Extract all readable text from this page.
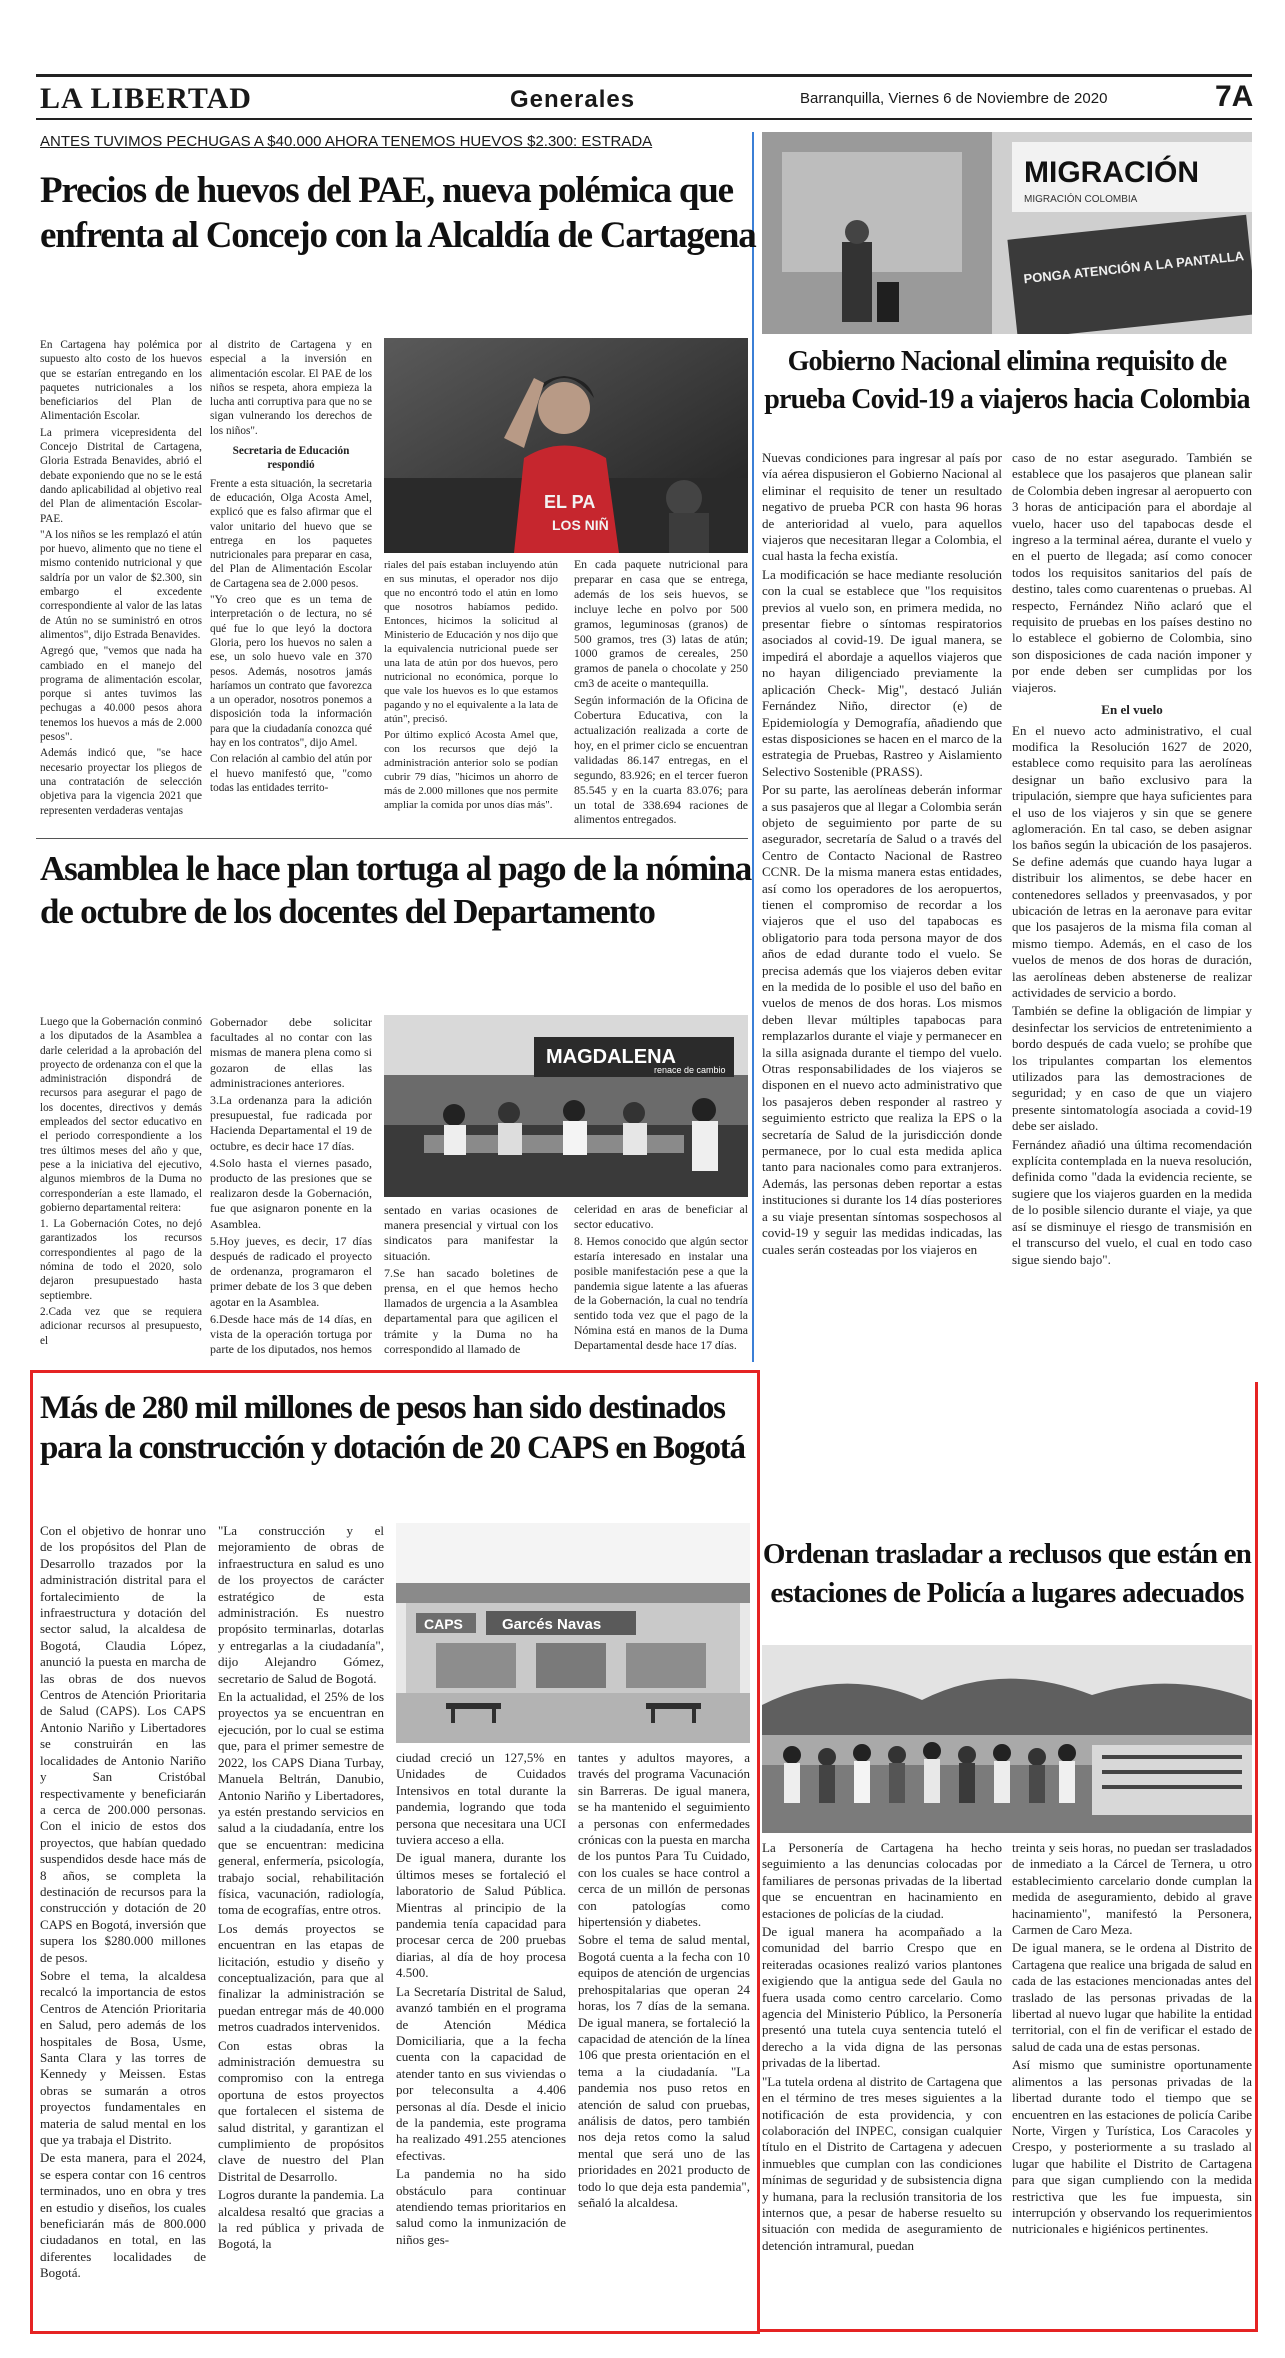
LA LIBERTAD	Generales	Barranquilla, Viernes 6 de Noviembre de 2020	7A
ANTES TUVIMOS PECHUGAS A $40.000 AHORA TENEMOS HUEVOS $2.300: ESTRADA
Precios de huevos del PAE, nueva polémica que enfrenta al Concejo con la Alcaldía de Cartagena

En Cartagena hay polémica por supuesto alto costo de los huevos que se estarían entregando en los paquetes nutricionales a los beneficiarios del Plan de Alimentación Escolar.

La primera vicepresidenta del Concejo Distrital de Cartagena, Gloria Estrada Benavides, abrió el debate exponiendo que no se le está dando aplicabilidad al objetivo real del Plan de alimentación Escolar- PAE.

"A los niños se les remplazó el atún por huevo, alimento que no tiene el mismo contenido nutricional y que saldría por un valor de $2.300, sin embargo el excedente correspondiente al valor de las latas de Atún no se suministró en otros alimentos", dijo Estrada Benavides.

Agregó que, "vemos que nada ha cambiado en el manejo del programa de alimentación escolar, porque si antes tuvimos las pechugas a 40.000 pesos ahora tenemos los huevos a más de 2.000 pesos".

Además indicó que, "se hace necesario proyectar los pliegos de una contratación de selección objetiva para la vigencia 2021 que representen verdaderas ventajas

al distrito de Cartagena y en especial a la inversión en alimentación escolar. El PAE de los niños se respeta, ahora empieza la lucha anti corruptiva para que no se sigan vulnerando los derechos de los niños".

Secretaria de Educación respondió

Frente a esta situación, la secretaria de educación, Olga Acosta Amel, explicó que es falso afirmar que el valor unitario del huevo que se entrega en los paquetes nutricionales para preparar en casa, del Plan de Alimentación Escolar de Cartagena sea de 2.000 pesos.

"Yo creo que es un tema de interpretación o de lectura, no sé qué fue lo que leyó la doctora Gloria, pero los huevos no salen a ese, un solo huevo vale en 370 pesos. Además, nosotros jamás haríamos un contrato que favorezca a un operador, nosotros ponemos a disposición toda la información para que la ciudadanía conozca qué hay en los contratos", dijo Amel.

Con relación al cambio del atún por el huevo manifestó que, "como todas las entidades territo-

EL PA
LOS NIÑ

riales del país estaban incluyendo atún en sus minutas, el operador nos dijo que no encontró todo el atún en lomo que nosotros habíamos pedido. Entonces, hicimos la solicitud al Ministerio de Educación y nos dijo que la equivalencia nutricional puede ser una lata de atún por dos huevos, pero nutricional no económica, porque lo que vale los huevos es lo que estamos pagando y no el equivalente a la lata de atún", precisó.

Por último explicó Acosta Amel que, con los recursos que dejó la administración anterior solo se podían cubrir 79 días, "hicimos un ahorro de más de 2.000 millones que nos permite ampliar la comida por unos días más".

En cada paquete nutricional para preparar en casa que se entrega, además de los seis huevos, se incluye leche en polvo por 500 gramos, leguminosas (granos) de 500 gramos, tres (3) latas de atún; 1000 gramos de cereales, 250 gramos de panela o chocolate y 250 cm3 de aceite o mantequilla.

Según información de la Oficina de Cobertura Educativa, con la actualización realizada a corte de hoy, en el primer ciclo se encuentran validadas 86.147 entregas, en el segundo, 83.926; en el tercer fueron 85.545 y en la cuarta 83.076; para un total de 338.694 raciones de alimentos entregados.

Asamblea le hace plan tortuga al pago de la nómina de octubre de los docentes del Departamento

Luego que la Gobernación conminó a los diputados de la Asamblea a darle celeridad a la aprobación del proyecto de ordenanza con el que la administración dispondrá de recursos para asegurar el pago de los docentes, directivos y demás empleados del sector educativo en el periodo correspondiente a los tres últimos meses del año y que, pese a la iniciativa del ejecutivo, algunos miembros de la Duma no corresponderían a este llamado, el gobierno departamental reitera:

1. La Gobernación Cotes, no dejó garantizados los recursos correspondientes al pago de la nómina de todo el 2020, solo dejaron presupuestado hasta septiembre.

2.Cada vez que se requiera adicionar recursos al presupuesto, el

Gobernador debe solicitar facultades al no contar con las mismas de manera plena como si gozaron de ellas las administraciones anteriores.

3.La ordenanza para la adición presupuestal, fue radicada por Hacienda Departamental el 19 de octubre, es decir hace 17 días.

4.Solo hasta el viernes pasado, producto de las presiones que se realizaron desde la Gobernación, fue que asignaron ponente en la Asamblea.

5.Hoy jueves, es decir, 17 días después de radicado el proyecto de ordenanza, programaron el primer debate de los 3 que deben agotar en la Asamblea.

6.Desde hace más de 14 días, en vista de la operación tortuga por parte de los diputados, nos hemos

MAGDALENA
renace de cambio

sentado en varias ocasiones de manera presencial y virtual con los sindicatos para manifestar la situación.

7.Se han sacado boletines de prensa, en el que hemos hecho llamados de urgencia a la Asamblea departamental para que agilicen el trámite y la Duma no ha correspondido al llamado de

celeridad en aras de beneficiar al sector educativo.

8. Hemos conocido que algún sector estaría interesado en instalar una posible manifestación pese a que la pandemia sigue latente a las afueras de la Gobernación, la cual no tendría sentido toda vez que el pago de la Nómina está en manos de la Duma Departamental desde hace 17 días.

Más de 280 mil millones de pesos han sido destinados para la construcción y dotación de 20 CAPS en Bogotá

Con el objetivo de honrar uno de los propósitos del Plan de Desarrollo trazados por la administración distrital para el fortalecimiento de la infraestructura y dotación del sector salud, la alcaldesa de Bogotá, Claudia López, anunció la puesta en marcha de las obras de dos nuevos Centros de Atención Prioritaria de Salud (CAPS). Los CAPS Antonio Nariño y Libertadores se construirán en las localidades de Antonio Nariño y San Cristóbal respectivamente y beneficiarán a cerca de 200.000 personas. Con el inicio de estos dos proyectos, que habían quedado suspendidos desde hace más de 8 años, se completa la destinación de recursos para la construcción y dotación de 20 CAPS en Bogotá, inversión que supera los $280.000 millones de pesos.

Sobre el tema, la alcaldesa recalcó la importancia de estos Centros de Atención Prioritaria en Salud, pero además de los hospitales de Bosa, Usme, Santa Clara y las torres de Kennedy y Meissen. Estas obras se sumarán a otros proyectos fundamentales en materia de salud mental en los que ya trabaja el Distrito.

De esta manera, para el 2024, se espera contar con 16 centros terminados, uno en obra y tres en estudio y diseños, los cuales beneficiarán más de 800.000 ciudadanos en total, en las diferentes localidades de Bogotá.

"La construcción y el mejoramiento de obras de infraestructura en salud es uno de los proyectos de carácter estratégico de esta administración. Es nuestro propósito terminarlas, dotarlas y entregarlas a la ciudadanía", dijo Alejandro Gómez, secretario de Salud de Bogotá.

En la actualidad, el 25% de los proyectos ya se encuentran en ejecución, por lo cual se estima que, para el primer semestre de 2022, los CAPS Diana Turbay, Manuela Beltrán, Danubio, Antonio Nariño y Libertadores, ya estén prestando servicios en salud a la ciudadanía, entre los que se encuentran: medicina general, enfermería, psicología, trabajo social, rehabilitación física, vacunación, radiología, toma de ecografías, entre otros.

Los demás proyectos se encuentran en las etapas de licitación, estudio y diseño y conceptualización, para que al finalizar la administración se puedan entregar más de 40.000 metros cuadrados intervenidos.

Con estas obras la administración demuestra su compromiso con la entrega oportuna de estos proyectos que fortalecen el sistema de salud distrital, y garantizan el cumplimiento de propósitos clave de nuestro del Plan Distrital de Desarrollo.

Logros durante la pandemia. La alcaldesa resaltó que gracias a la red pública y privada de Bogotá, la

CAPS	Garcés Navas

ciudad creció un 127,5% en Unidades de Cuidados Intensivos en total durante la pandemia, logrando que toda persona que necesitara una UCI tuviera acceso a ella.

De igual manera, durante los últimos meses se fortaleció el laboratorio de Salud Pública. Mientras al principio de la pandemia tenía capacidad para procesar cerca de 200 pruebas diarias, al día de hoy procesa 4.500.

La Secretaría Distrital de Salud, avanzó también en el programa de Atención Médica Domiciliaria, que a la fecha cuenta con la capacidad de atender tanto en sus viviendas o por teleconsulta a 4.406 personas al día. Desde el inicio de la pandemia, este programa ha realizado 491.255 atenciones efectivas.

La pandemia no ha sido obstáculo para continuar atendiendo temas prioritarios en salud como la inmunización de niños ges-

tantes y adultos mayores, a través del programa Vacunación sin Barreras. De igual manera, se ha mantenido el seguimiento a personas con enfermedades crónicas con la puesta en marcha de los puntos Para Tu Cuidado, con los cuales se hace control a cerca de un millón de personas con patologías como hipertensión y diabetes.

Sobre el tema de salud mental, Bogotá cuenta a la fecha con 10 equipos de atención de urgencias prehospitalarias que operan 24 horas, los 7 días de la semana. De igual manera, se fortaleció la capacidad de atención de la línea 106 que presta orientación en el tema a la ciudadanía. "La pandemia nos puso retos en atención de salud con pruebas, análisis de datos, pero también nos deja retos como la salud mental que será uno de las prioridades en 2021 producto de todo lo que deja esta pandemia", señaló la alcaldesa.

MIGRACIÓN
MIGRACIÓN COLOMBIA
PONGA ATENCIÓN A LA PANTALLA
Gobierno Nacional elimina requisito de prueba Covid-19 a viajeros hacia Colombia

Nuevas condiciones para ingresar al país por vía aérea dispusieron el Gobierno Nacional al eliminar el requisito de tener un resultado negativo de prueba PCR con hasta 96 horas de anterioridad al vuelo, para aquellos viajeros que necesitaran llegar a Colombia, el cual hasta la fecha existía.

La modificación se hace mediante resolución con la cual se establece que "los requisitos previos al vuelo son, en primera medida, no presentar fiebre o síntomas respiratorios asociados al covid-19. De igual manera, se impedirá el abordaje a aquellos viajeros que no hayan diligenciado previamente la aplicación Check- Mig", destacó Julián Fernández Niño, director (e) de Epidemiología y Demografía, añadiendo que estas disposiciones se hacen en el marco de la estrategia de Pruebas, Rastreo y Aislamiento Selectivo Sostenible (PRASS).

Por su parte, las aerolíneas deberán informar a sus pasajeros que al llegar a Colombia serán objeto de seguimiento por parte de su asegurador, secretaría de Salud o a través del Centro de Contacto Nacional de Rastreo CCNR. De la misma manera estas entidades, así como los operadores de los aeropuertos, tienen el compromiso de recordar a los viajeros que el uso del tapabocas es obligatorio para toda persona mayor de dos años de edad durante todo el vuelo. Se precisa además que los viajeros deben evitar en la medida de lo posible el uso del baño en vuelos de menos de dos horas. Los mismos deben llevar múltiples tapabocas para remplazarlos durante el viaje y permanecer en la silla asignada durante el tiempo del vuelo. Otras responsabilidades de los viajeros se disponen en el nuevo acto administrativo que los pasajeros deben responder al rastreo y seguimiento estricto que realiza la EPS o la secretaría de Salud de la jurisdicción donde permanece, por lo cual esta medida aplica tanto para nacionales como para extranjeros. Además, las personas deben reportar a estas instituciones si durante los 14 días posteriores a su viaje presentan síntomas sospechosos al covid-19 y seguir las medidas indicadas, las cuales serán costeadas por los viajeros en

caso de no estar asegurado. También se establece que los pasajeros que planean salir de Colombia deben ingresar al aeropuerto con 3 horas de anticipación para el abordaje al vuelo, hacer uso del tapabocas desde el ingreso a la terminal aérea, durante el vuelo y en el puerto de llegada; así como conocer todos los requisitos sanitarios del país de destino, tales como cuarentenas o pruebas. Al respecto, Fernández Niño aclaró que el requisito de pruebas en los países destino no lo establece el gobierno de Colombia, sino son disposiciones de cada nación imponer y por ende deben ser cumplidas por los viajeros.

En el vuelo

En el nuevo acto administrativo, el cual modifica la Resolución 1627 de 2020, establece como requisito para las aerolíneas designar un baño exclusivo para la tripulación, siempre que haya suficientes para el uso de los viajeros y sin que se genere aglomeración. En tal caso, se deben asignar los baños según la ubicación de los pasajeros. Se define además que cuando haya lugar a distribuir los alimentos, se debe hacer en contenedores sellados y preenvasados, y por ubicación de letras en la aeronave para evitar que los pasajeros de la misma fila coman al mismo tiempo. Además, en el caso de los vuelos de menos de dos horas de duración, las aerolíneas deben abstenerse de realizar actividades de servicio a bordo.

También se define la obligación de limpiar y desinfectar los servicios de entretenimiento a bordo después de cada vuelo; se prohíbe que los tripulantes compartan los elementos utilizados para las demostraciones de seguridad; y en caso de que un viajero presente sintomatología asociada a covid-19 debe ser aislado.

Fernández añadió una última recomendación explícita contemplada en la nueva resolución, definida como "dada la evidencia reciente, se sugiere que los viajeros guarden en la medida de lo posible silencio durante el viaje, ya que así se disminuye el riesgo de transmisión en el transcurso del vuelo, el cual en todo caso sigue siendo bajo".

Ordenan trasladar a reclusos que están en estaciones de Policía a lugares adecuados

La Personería de Cartagena ha hecho seguimiento a las denuncias colocadas por familiares de personas privadas de la libertad que se encuentran en hacinamiento en estaciones de policías de la ciudad.

De igual manera ha acompañado a la comunidad del barrio Crespo que en reiteradas ocasiones realizó varios plantones exigiendo que la antigua sede del Gaula no fuera usada como centro carcelario. Como agencia del Ministerio Público, la Personería presentó una tutela cuya sentencia tuteló el derecho a la vida digna de las personas privadas de la libertad.

"La tutela ordena al distrito de Cartagena que en el término de tres meses siguientes a la notificación de esta providencia, y con colaboración del INPEC, consigan cualquier título en el Distrito de Cartagena y adecuen inmuebles que cumplan con las condiciones mínimas de seguridad y de subsistencia digna y humana, para la reclusión transitoria de los internos que, a pesar de haberse resuelto su situación con medida de aseguramiento de detención intramural, puedan

treinta y seis horas, no puedan ser trasladados de inmediato a la Cárcel de Ternera, u otro establecimiento carcelario donde cumplan la medida de aseguramiento, debido al grave hacinamiento", manifestó la Personera, Carmen de Caro Meza.

De igual manera, se le ordena al Distrito de Cartagena que realice una brigada de salud en cada de las estaciones mencionadas antes del traslado de las personas privadas de la libertad al nuevo lugar que habilite la entidad territorial, con el fin de verificar el estado de salud de cada una de estas personas.

Así mismo que suministre oportunamente alimentos a las personas privadas de la libertad durante todo el tiempo que se encuentren en las estaciones de policía Caribe Norte, Virgen y Turística, Los Caracoles y Crespo, y posteriormente a su traslado al lugar que habilite el Distrito de Cartagena para que sigan cumpliendo con la medida restrictiva que les fue impuesta, sin interrupción y observando los requerimientos nutricionales e higiénicos pertinentes.
